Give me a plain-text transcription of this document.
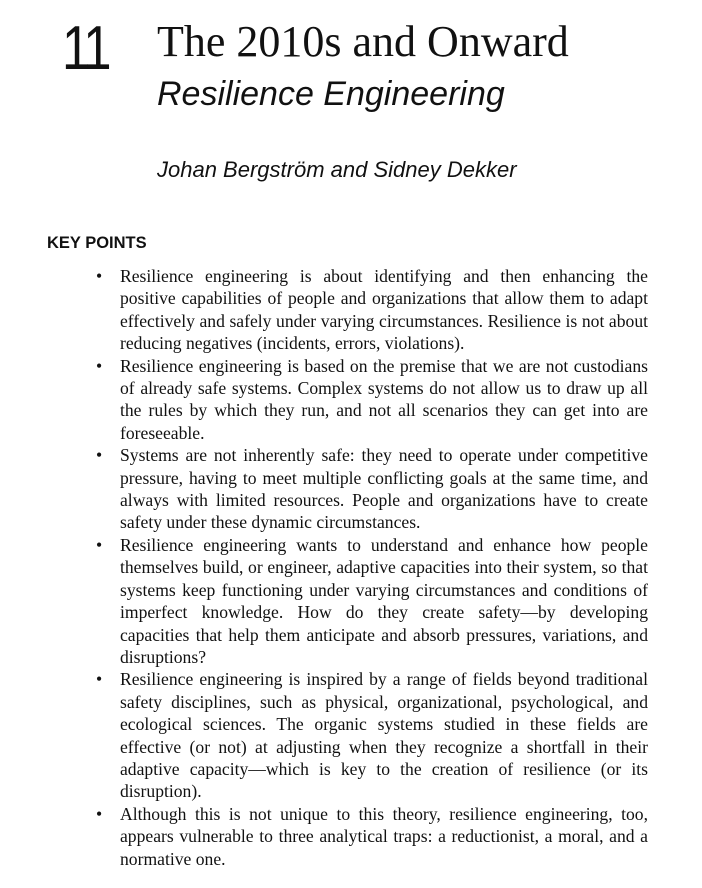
11 The 2010s and Onward
Resilience Engineering
Johan Bergström and Sidney Dekker
KEY POINTS
• Resilience engineering is about identifying and then enhancing the positive capabilities of people and organizations that allow them to adapt effectively and safely under varying circumstances. Resilience is not about reducing negatives (incidents, errors, violations).
• Resilience engineering is based on the premise that we are not custodians of already safe systems. Complex systems do not allow us to draw up all the rules by which they run, and not all scenarios they can get into are foreseeable.
• Systems are not inherently safe: they need to operate under competitive pressure, having to meet multiple conflicting goals at the same time, and always with limited resources. People and organizations have to create safety under these dynamic circumstances.
• Resilience engineering wants to understand and enhance how people themselves build, or engineer, adaptive capacities into their system, so that systems keep functioning under varying circumstances and conditions of imperfect knowledge. How do they create safety—by developing capacities that help them anticipate and absorb pressures, variations, and disruptions?
• Resilience engineering is inspired by a range of fields beyond traditional safety disciplines, such as physical, organizational, psychological, and ecological sciences. The organic systems studied in these fields are effective (or not) at adjusting when they recognize a shortfall in their adaptive capacity—which is key to the creation of resilience (or its disruption).
• Although this is not unique to this theory, resilience engineering, too, appears vulnerable to three analytical traps: a reductionist, a moral, and a normative one.
